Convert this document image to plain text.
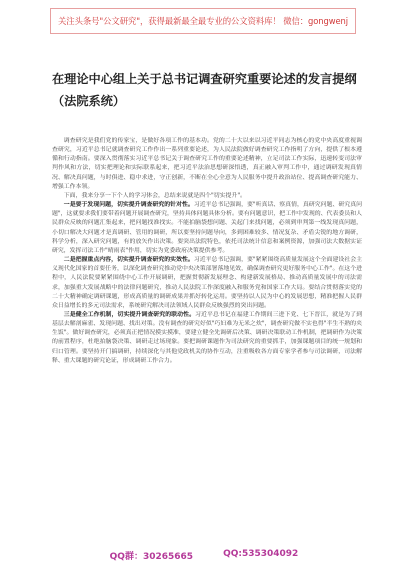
关注头条号"公文研究"，获得最新最全最专业的公文资料库！ 微信：gongwenj
在理论中心组上关于总书记调查研究重要论述的发言提纲（法院系统）

调查研究是我们党的传家宝，是做好各项工作的基本功。党的二十大以来以习近平同志为核心的党中央高度重视调查研究，习近平总书记就调查研究工作作出一系列重要论述，为人民法院做好调查研究工作指明了方向，提供了根本遵循和行动指南。要深入贯彻落实习近平总书记关于调查研究工作的重要论述精神，立足司法工作实际，迅速转变司法审判作风和方法，切实把理论和实际联系起来，把习近平法治思想研深悟透，真正融入审判工作中，通过调研发现真情况、解决真问题，与时俱进、稳中求进，守正创新，不断在全心全意为人民服务中提升政治站位、提高调查研究能力、增强工作本领。

下面，我来分享一下个人的学习体会，总结来说就是四个"切实提升"。

一是要于发现问题，切实提升调查研究的针对性。习近平总书记强调，要"听真话、察真情，真研究问题、研究真问题"，这就要求我们要带着问题开展调查研究，坚持具体问题具体分析。要有问题意识，把工作中发现的、代表委员和人民群众反映的问题汇集起来，把问题找准找实。不能拍脑袋想问题、关起门来找问题，必须到审判第一线发现真问题，小切口解决大问题才是真调研、管用的调研，所以要坚持问题导向，多到困难较多、情况复杂、矛盾尖锐的地方调研，科学分析，深入研究问题，有的放矢作出决策。要突出法院特色，依托司法统计信息和案例资源，加强司法大数据实证研究，发挥司法工作"晴雨表"作用，切实为党委政府决策提供参考。

二是把握重点内容，切实提升调查研究的实效性。习近平总书记强调，要"紧紧围绕高质量发展这个全面建设社会主义现代化国家的首要任务，以深化调查研究推动党中央决策部署落地见效，确保调查研究更好服务中心工作"。在这个进程中，人民法院要紧紧围绕中心工作开展调研，把握贯彻新发展理念、构建新发展格局、推动高质量发展中的司法需求，加强重大发展战略中的法律问题研究，推动人民法院工作深度融入和服务党和国家工作大局。要结合贯彻落实党的二十大精神确定调研课题，形成高质量的调研成果并抓好转化运用。要坚持以人民为中心的发展思想，精准把握人民群众日益增长的多元司法需求，系统研究解决司法领域人民群众反映强烈的突出问题。

三是健全工作机制，切实提升调查研究的联动性。习近平总书记在福建工作期间三进下党、七下晋江，就是为了到基层去解剖麻雀、发现问题、找出对策。没有调查的研究好似"巧妇难为无米之炊"，调查研究做不实也得"半生不熟的夹生饭"。做好调查研究，必须真正把情况摸实摸准，要建立健全先调研后决策、调研决策联动工作机制，把调研作为决策的前置程序，杜绝拍脑袋决策、调研走过场现象。要把调研课题作为司法研究的重要抓手，加强课题项目的统一规划和归口管理。要坚持开门搞调研，持续深化与其他党政机关的协作互动，注重吸收各方面专家学者参与司法调研，司法解释、重大课题的研究论证，形成调研工作合力。

QQ群：30265665	QQ:535304092
